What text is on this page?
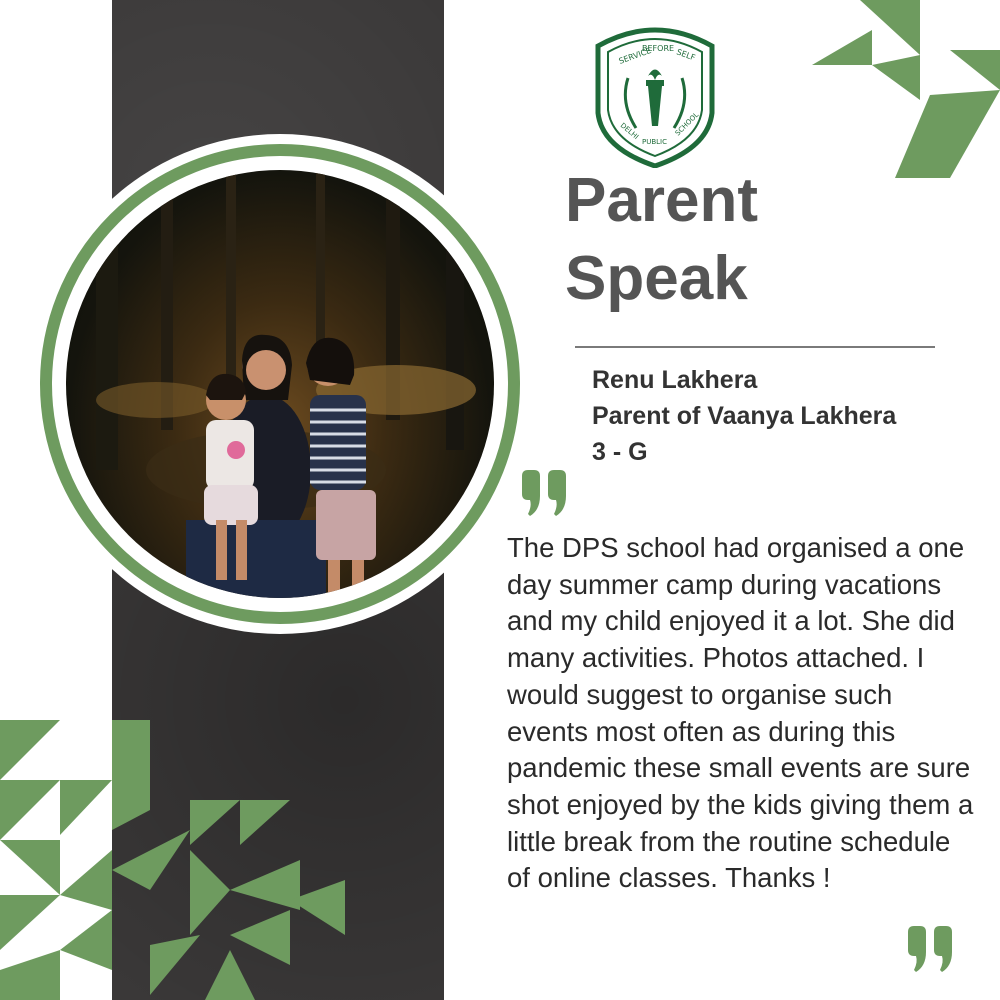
SERVICE
BEFORE SELF
DELHI
PUBLIC
SCHOOL
Parent
Speak
Renu Lakhera
Parent of Vaanya Lakhera
3 - G

The DPS school had organised a one day summer camp during vacations and my child enjoyed it a lot. She did many activities. Photos attached. I would suggest to organise such events most often as during this pandemic these small events are sure shot enjoyed by the kids giving them a little break from the routine schedule of online classes. Thanks !
